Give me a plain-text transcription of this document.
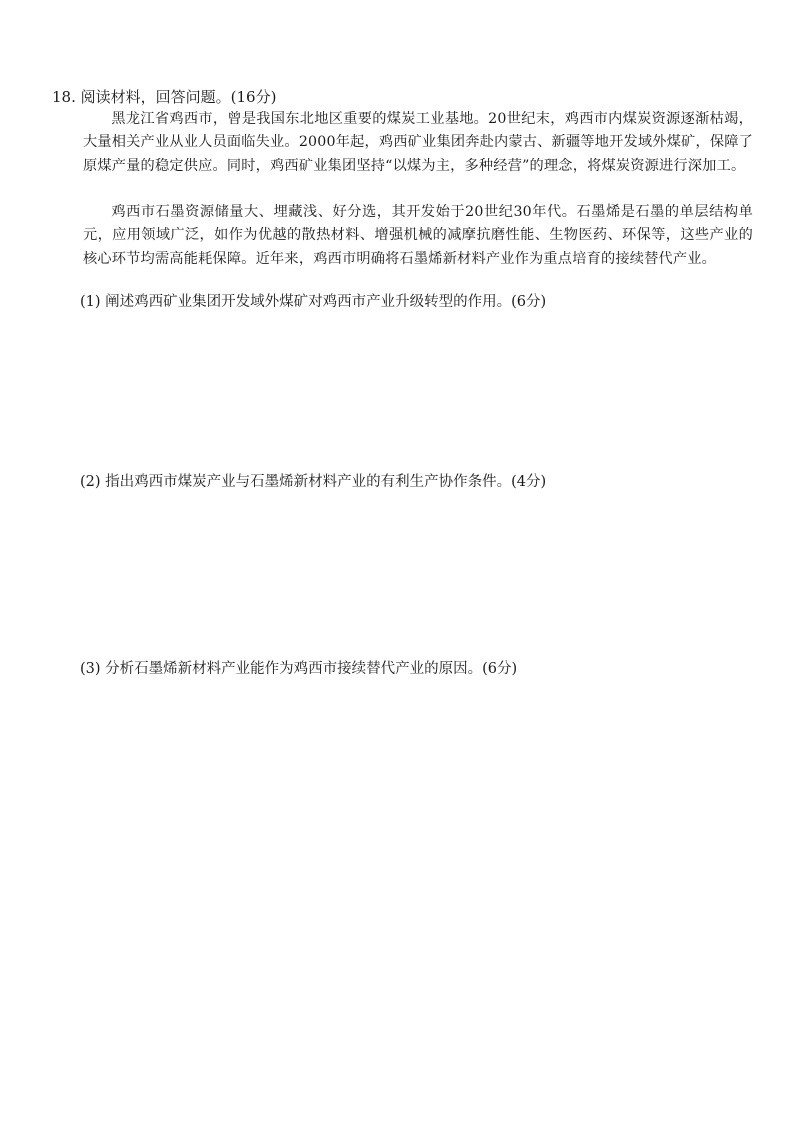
18. 阅读材料，回答问题。(16分)

黑龙江省鸡西市，曾是我国东北地区重要的煤炭工业基地。20世纪末，鸡西市内煤炭资源逐渐枯竭，大量相关产业从业人员面临失业。2000年起，鸡西矿业集团奔赴内蒙古、新疆等地开发域外煤矿，保障了原煤产量的稳定供应。同时，鸡西矿业集团坚持“以煤为主，多种经营”的理念，将煤炭资源进行深加工。

鸡西市石墨资源储量大、埋藏浅、好分选，其开发始于20世纪30年代。石墨烯是石墨的单层结构单元，应用领域广泛，如作为优越的散热材料、增强机械的减摩抗磨性能、生物医药、环保等，这些产业的核心环节均需高能耗保障。近年来，鸡西市明确将石墨烯新材料产业作为重点培育的接续替代产业。

(1) 阐述鸡西矿业集团开发域外煤矿对鸡西市产业升级转型的作用。(6分)
(2) 指出鸡西市煤炭产业与石墨烯新材料产业的有利生产协作条件。(4分)
(3) 分析石墨烯新材料产业能作为鸡西市接续替代产业的原因。(6分)
